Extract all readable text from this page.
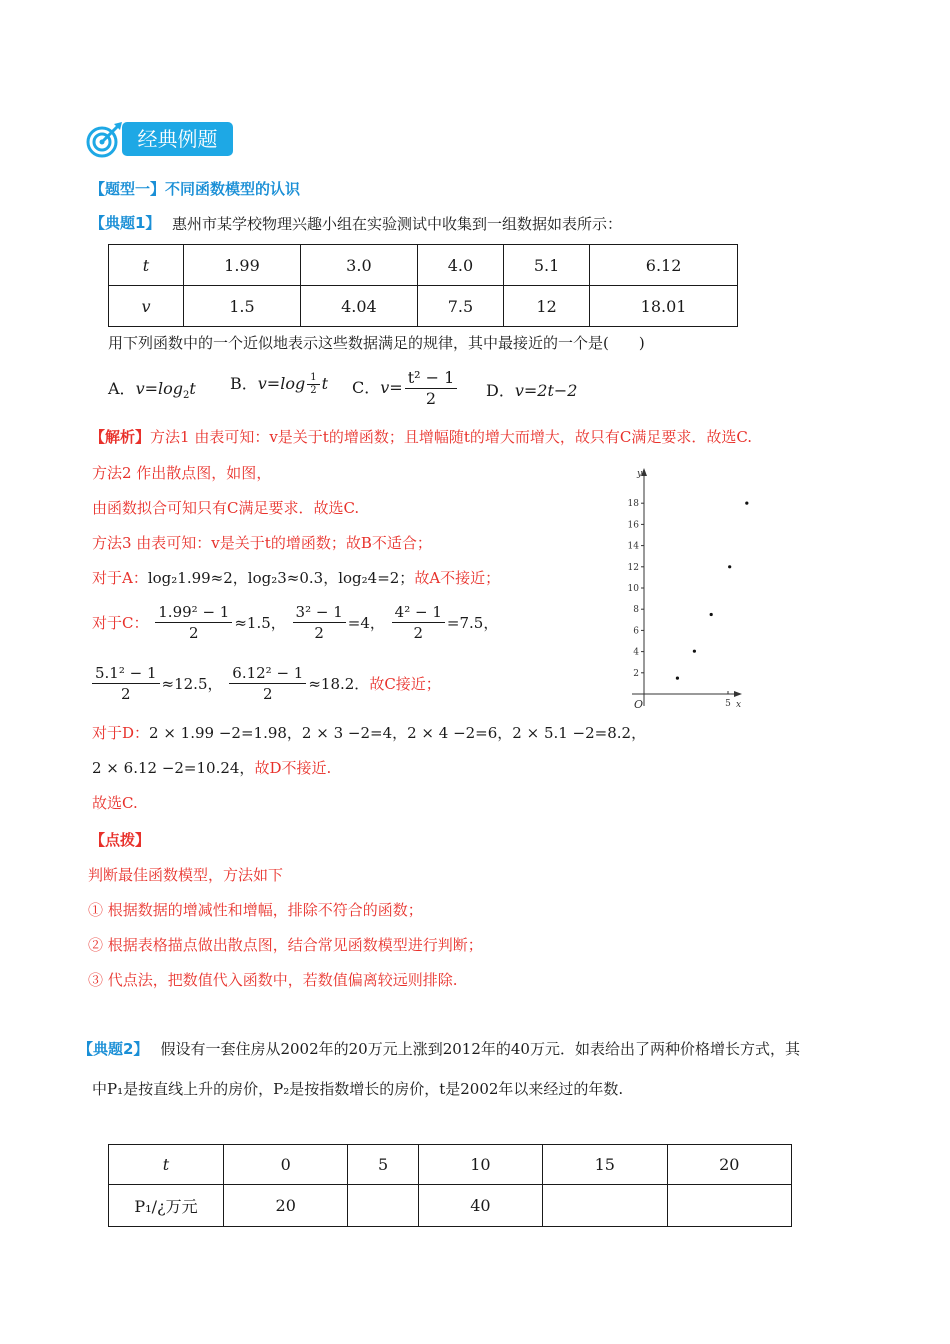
经典例题
【题型一】不同函数模型的认识
【典题1】 惠州市某学校物理兴趣小组在实验测试中收集到一组数据如表所示：
t	1.99	3.0	4.0	5.1	6.12
v	1.5	4.04	7.5	12	18.01
用下列函数中的一个近似地表示这些数据满足的规律，其中最接近的一个是(　　)
A．$v=\log_2t$ B．$v=\log \frac{1}{2}$ t C．$v= \frac{\text{t² − 1}}{2}$ D．v=2t−2
【解析】方法1 由表可知：v是关于t的增函数；且增幅随t的增大而增大，故只有C满足要求．故选C.
方法2 作出散点图，如图，
由函数拟合可知只有C满足要求．故选C.
方法3 由表可知：v是关于t的增函数；故B不适合；
对于A：log₂1.99≈2，log₂3≈0.3，log₂4=2；故A不接近；
对于C： $\frac{\text{1.99² − 1}}{2} \approx 1.5$， $\frac{\text{3² − 1}}{2} =4$， $\frac{\text{4² − 1}}{2} =7.5$，
$\frac{\text{5.1² − 1}}{2} \approx 12.5$， $\frac{\text{6.12² − 1}}{2} \approx 18.2$．故C接近；
对于D：2 × 1.99 −2=1.98，2 × 3 −2=4，2 × 4 −2=6，2 × 5.1 −2=8.2，
2 × 6.12 −2=10.24，故D不接近.
故选C.
x
y
O
2
4
6
8
10
12
14
16
18
5
【点拨】
判断最佳函数模型，方法如下
① 根据数据的增减性和增幅，排除不符合的函数；
② 根据表格描点做出散点图，结合常见函数模型进行判断；
③ 代点法，把数值代入函数中，若数值偏离较远则排除.
【典题2】 假设有一套住房从2002年的20万元上涨到2012年的40万元．如表给出了两种价格增长方式，其
中P₁是按直线上升的房价，P₂是按指数增长的房价，t是2002年以来经过的年数.
t	0	5	10	15	20
P₁/¿万元	20		40		
